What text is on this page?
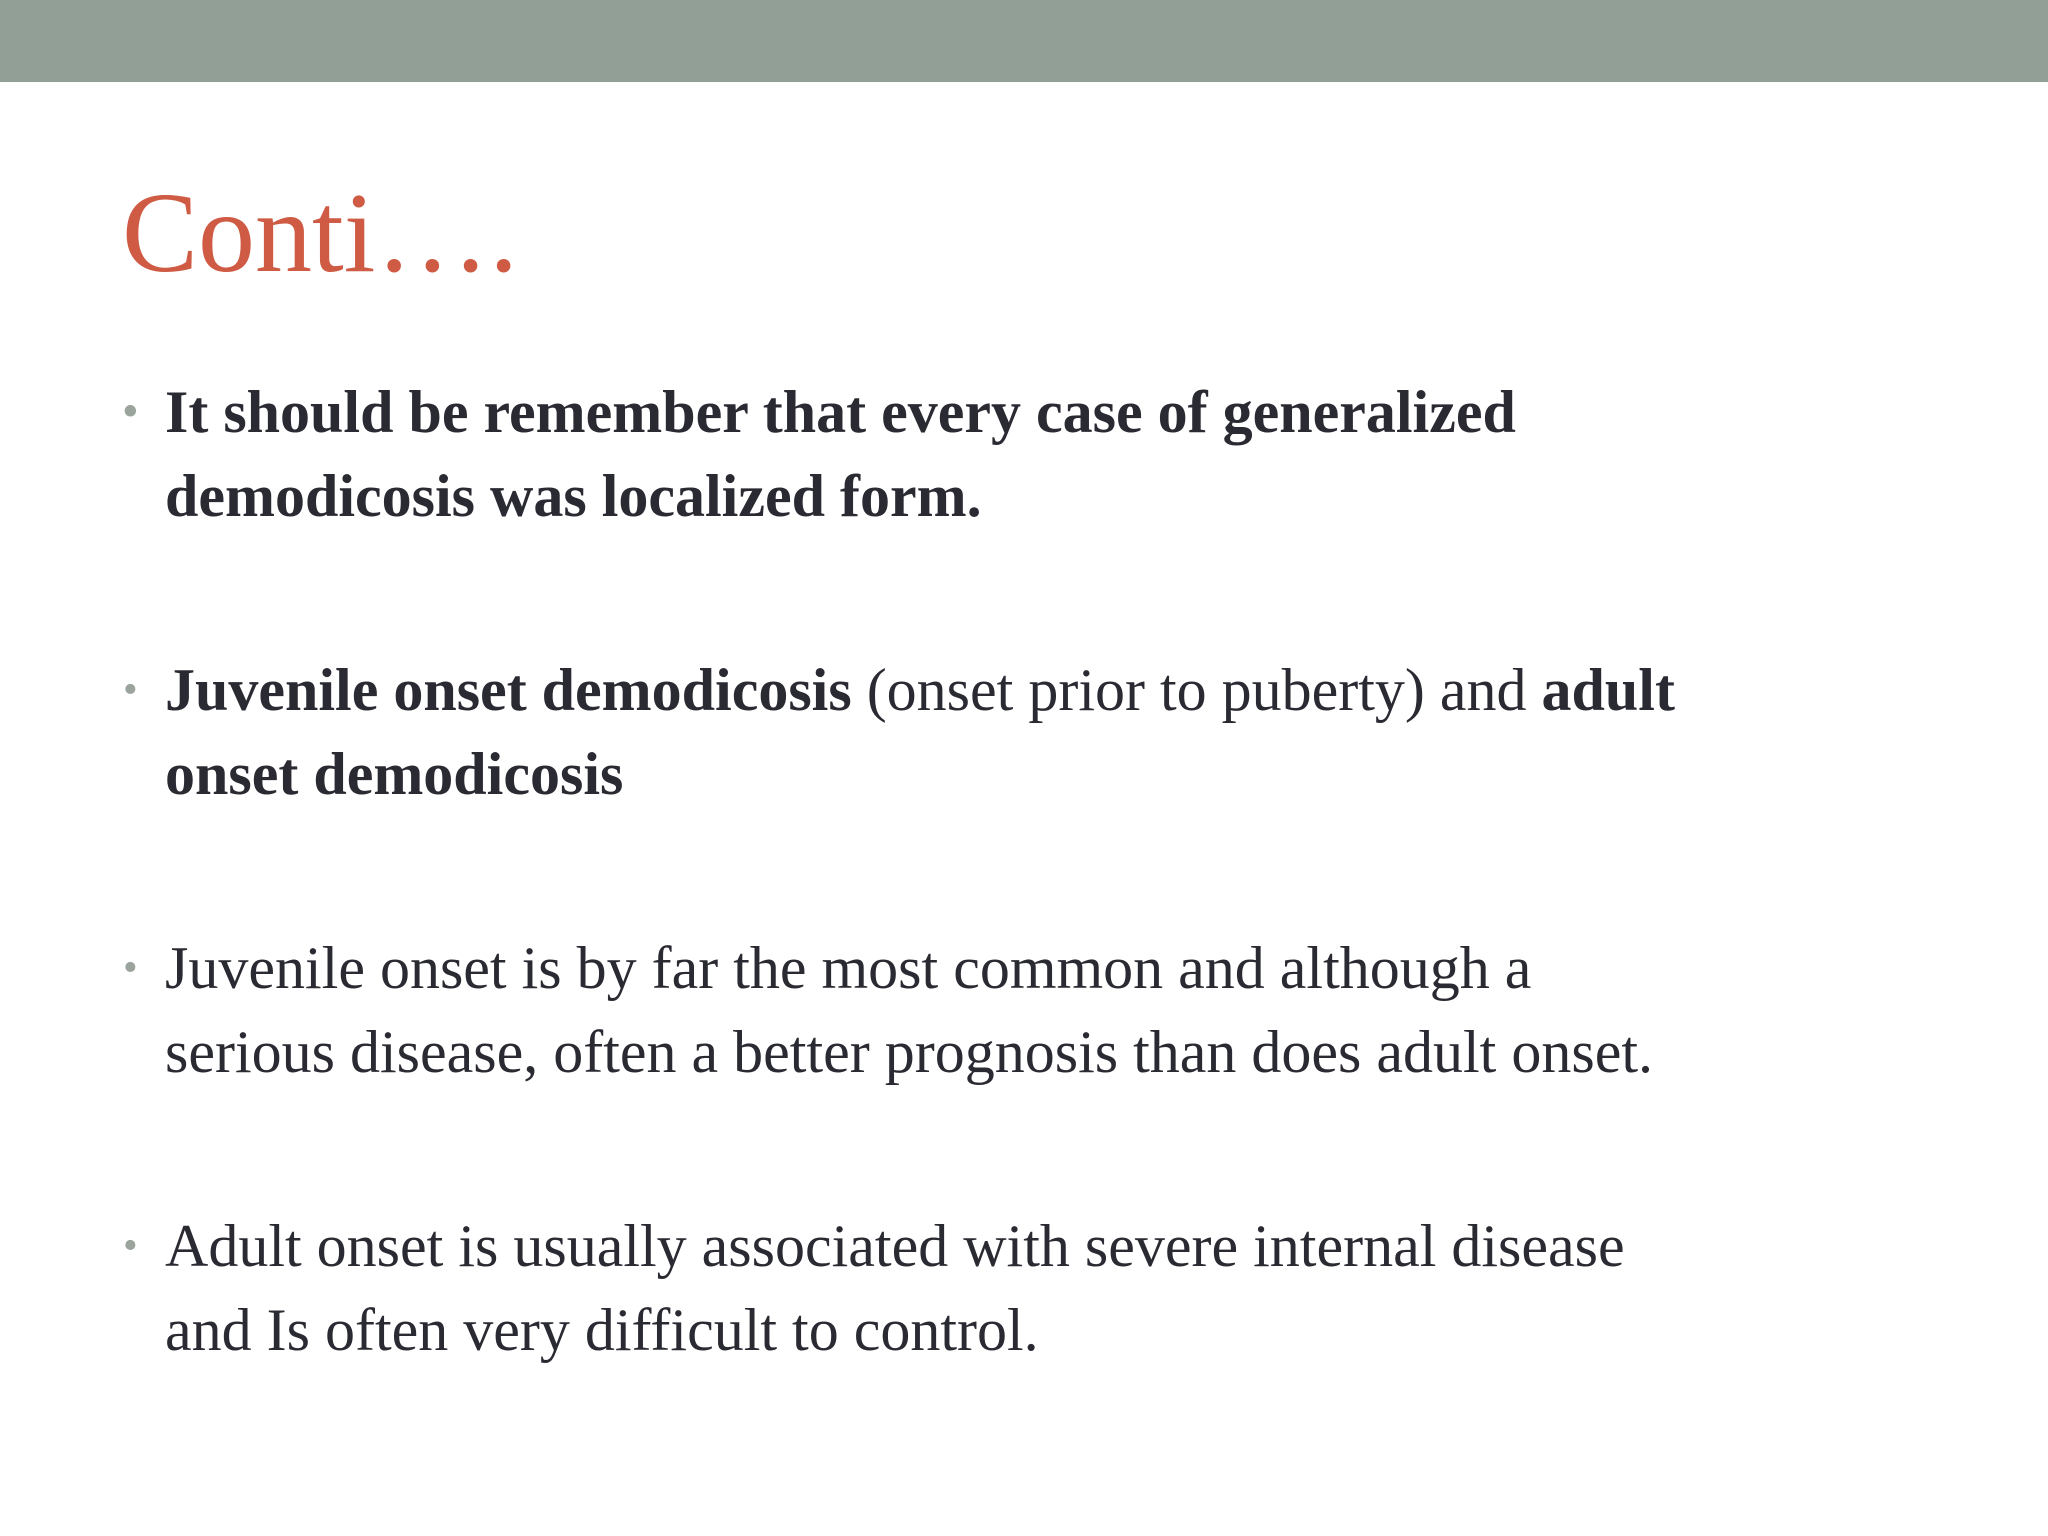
Conti….
• It should be remember that every case of generalized
demodicosis was localized form.
• Juvenile onset demodicosis (onset prior to puberty) and adult
onset demodicosis
• Juvenile onset is by far the most common and although a
serious disease, often a better prognosis than does adult onset.
• Adult onset is usually associated with severe internal disease
and Is often very difficult to control.
